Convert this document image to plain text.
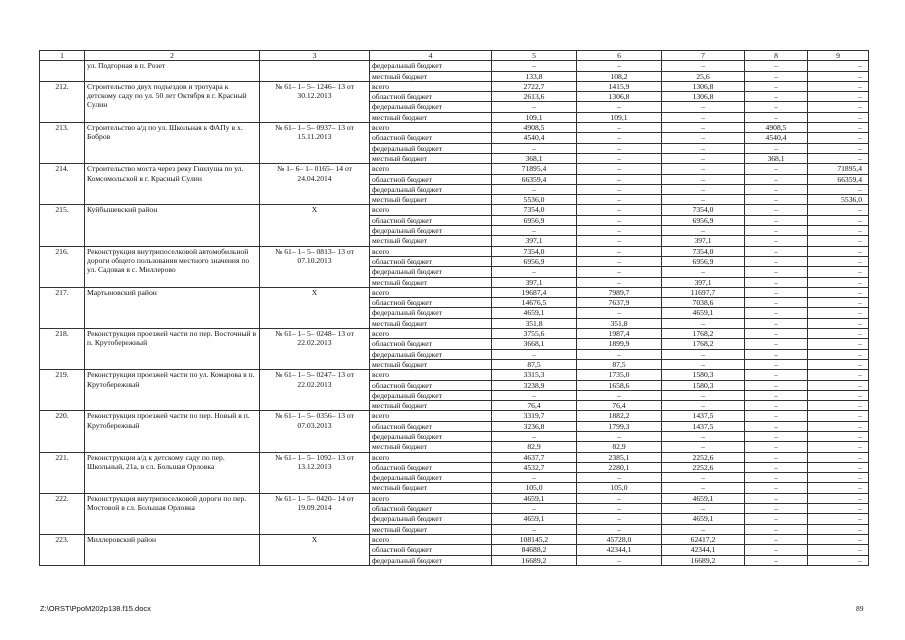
1	2	3	4	5	6	7	8	9
	ул. Подгорная в п. Розет		федеральный бюджет	–	–	–	–	–
			местный бюджет	133,8	108,2	25,6	–	–
212.	Строительство двух подъездов и тротуара к детскому саду по ул. 50 лет Октября в г. Красный Сулин	№ 61– 1– 5– 1246– 13 от 30.12.2013	всего	2722,7	1415,9	1306,8	–	–
			областной бюджет	2613,6	1306,8	1306,8	–	–
			федеральный бюджет	–	–	–	–	–
			местный бюджет	109,1	109,1	–	–	–
213.	Строительство а/д по ул. Школьная к ФАПу в х. Бобров	№ 61– 1– 5– 0937– 13 от 15.11.2013	всего	4908,5	–	–	4908,5	–
			областной бюджет	4540,4	–	–	4540,4	–
			федеральный бюджет	–	–	–	–	–
			местный бюджет	368,1	–	–	368,1	–
214.	Строительство моста через реку Гнилуша по ул. Комсомольской в г. Красный Сулин	№ 1– 6– 1– 0165– 14 от 24.04.2014	всего	71895,4	–	–	–	71895,4
			областной бюджет	66359,4	–	–	–	66359,4
			федеральный бюджет	–	–	–	–	–
			местный бюджет	5536,0	–	–	–	5536,0
215.	Куйбышевский район	Х	всего	7354,0	–	7354,0	–	–
			областной бюджет	6956,9	–	6956,9	–	–
			федеральный бюджет	–	–	–	–	–
			местный бюджет	397,1	–	397,1	–	–
216.	Реконструкция внутрипоселковой автомобильной дороги общего пользования местного значения по ул. Садовая в с. Миллерово	№ 61– 1– 5– 0813– 13 от 07.10.2013	всего	7354,0	–	7354,0	–	–
			областной бюджет	6956,9	–	6956,9	–	–
			федеральный бюджет	–	–	–	–	–
			местный бюджет	397,1	–	397,1	–	–
217.	Мартыновский район	Х	всего	19687,4	7989,7	11697,7	–	–
			областной бюджет	14676,5	7637,9	7038,6	–	–
			федеральный бюджет	4659,1	–	4659,1	–	–
			местный бюджет	351,8	351,8	–	–	–
218.	Реконструкция проезжей части по пер. Восточный в п. Крутобережный	№ 61– 1– 5– 0248– 13 от 22.02.2013	всего	3755,6	1987,4	1768,2	–	–
			областной бюджет	3668,1	1899,9	1768,2	–	–
			федеральный бюджет	–	–	–	–	–
			местный бюджет	87,5	87,5	–	–	–
219.	Реконструкция проезжей части по ул. Комарова в п. Крутобережный	№ 61– 1– 5– 0247– 13 от 22.02.2013	всего	3315,3	1735,0	1580,3	–	–
			областной бюджет	3238,9	1658,6	1580,3	–	–
			федеральный бюджет	–	–	–	–	–
			местный бюджет	76,4	76,4	–	–	–
220.	Реконструкция проезжей части по пер. Новый в п. Крутобережный	№ 61– 1– 5– 0356– 13 от 07.03.2013	всего	3319,7	1882,2	1437,5	–	–
			областной бюджет	3236,8	1799,3	1437,5	–	–
			федеральный бюджет	–	–	–	–	–
			местный бюджет	82,9	82,9	–	–	–
221.	Реконструкция а/д к детскому саду по пер. Школьный, 21а, в сл. Большая Орловка	№ 61– 1– 5– 1092– 13 от 13.12.2013	всего	4637,7	2385,1	2252,6	–	–
			областной бюджет	4532,7	2280,1	2252,6	–	–
			федеральный бюджет	–	–	–	–	–
			местный бюджет	105,0	105,0	–	–	–
222.	Реконструкция внутрипоселковой дороги по пер. Мостовой в сл. Большая Орловка	№ 61– 1– 5– 0420– 14 от 19.09.2014	всего	4659,1	–	4659,1	–	–
			областной бюджет	–	–	–	–	–
			федеральный бюджет	4659,1	–	4659,1	–	–
			местный бюджет	–	–	–	–	–
223.	Миллеровский район	Х	всего	108145,2	45728,0	62417,2	–	–
			областной бюджет	84688,2	42344,1	42344,1	–	–
			федеральный бюджет	16689,2	–	16689,2	–	–
Z:\ORST\PpoM202p138.f15.docx	89
